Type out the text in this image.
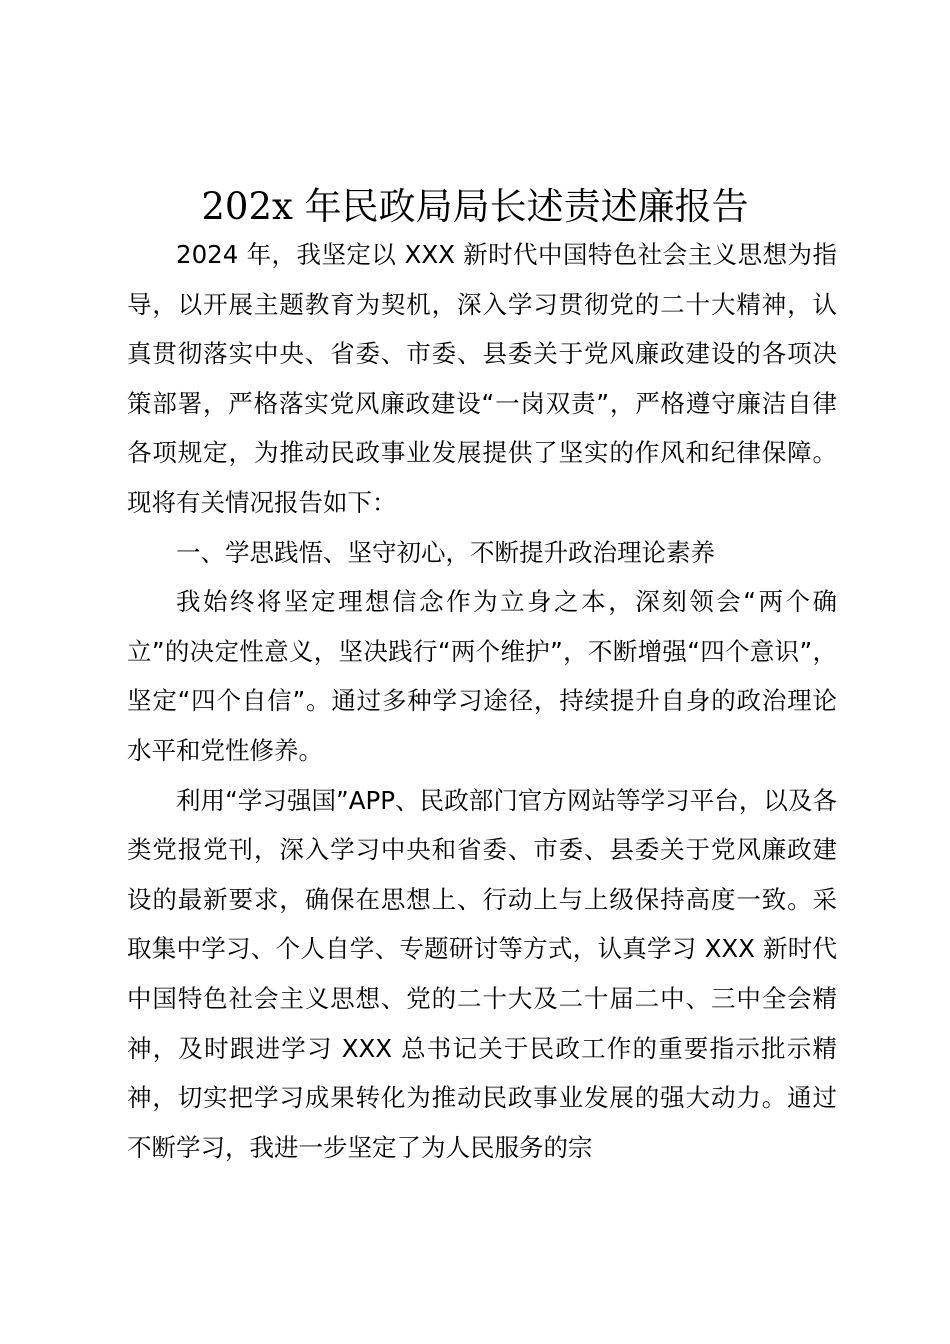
202x 年民政局局长述责述廉报告

2024 年，我坚定以 XXX 新时代中国特色社会主义思想为指导，以开展主题教育为契机，深入学习贯彻党的二十大精神，认真贯彻落实中央、省委、市委、县委关于党风廉政建设的各项决策部署，严格落实党风廉政建设“一岗双责”，严格遵守廉洁自律各项规定，为推动民政事业发展提供了坚实的作风和纪律保障。现将有关情况报告如下：

一、学思践悟、坚守初心，不断提升政治理论素养

我始终将坚定理想信念作为立身之本，深刻领会“两个确立”的决定性意义，坚决践行“两个维护”，不断增强“四个意识”，坚定“四个自信”。通过多种学习途径，持续提升自身的政治理论水平和党性修养。

利用“学习强国”APP、民政部门官方网站等学习平台，以及各类党报党刊，深入学习中央和省委、市委、县委关于党风廉政建设的最新要求，确保在思想上、行动上与上级保持高度一致。采取集中学习、个人自学、专题研讨等方式，认真学习 XXX 新时代中国特色社会主义思想、党的二十大及二十届二中、三中全会精神，及时跟进学习 XXX 总书记关于民政工作的重要指示批示精神，切实把学习成果转化为推动民政事业发展的强大动力。通过不断学习，我进一步坚定了为人民服务的宗
